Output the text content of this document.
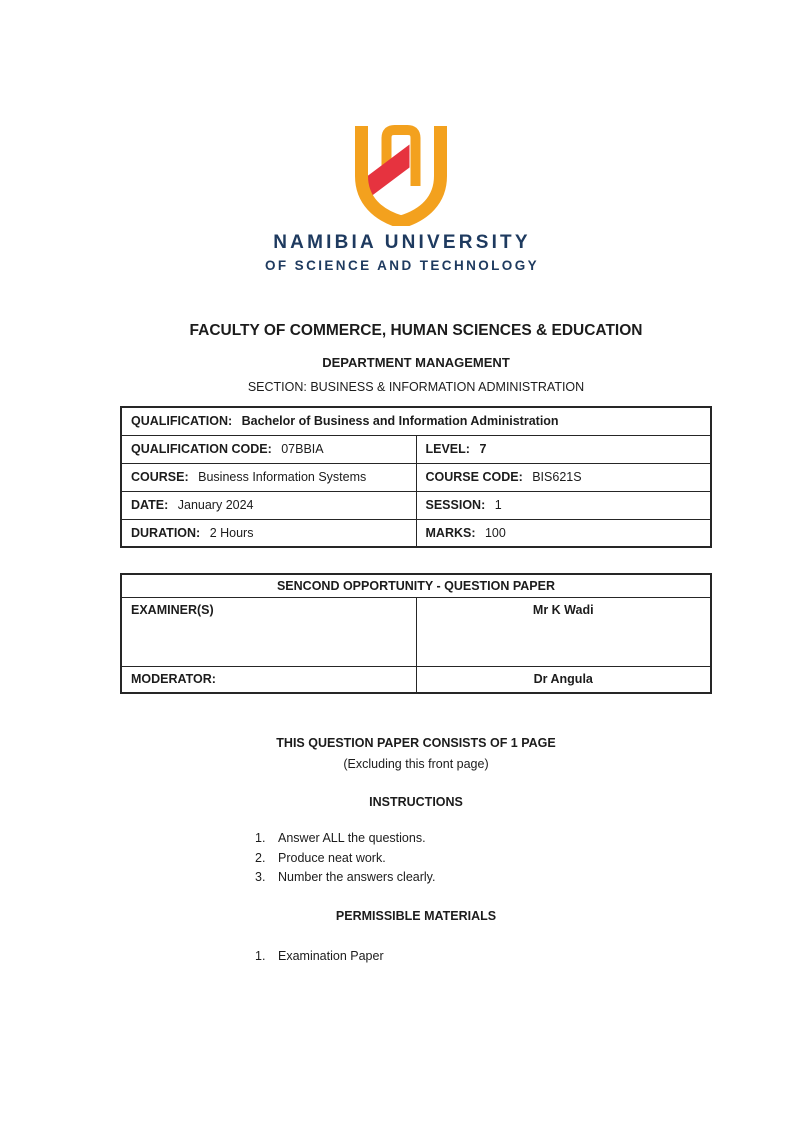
NAMIBIA UNIVERSITY
OF SCIENCE AND TECHNOLOGY
FACULTY OF COMMERCE, HUMAN SCIENCES & EDUCATION
DEPARTMENT MANAGEMENT
SECTION: BUSINESS & INFORMATION ADMINISTRATION
QUALIFICATION: Bachelor of Business and Information Administration	
QUALIFICATION CODE: 07BBIA	LEVEL: 7
COURSE: Business Information Systems	COURSE CODE: BIS621S
DATE: January 2024	SESSION: 1
DURATION: 2 Hours	MARKS: 100
SENCOND OPPORTUNITY - QUESTION PAPER	
EXAMINER(S)	Mr K Wadi
MODERATOR:	Dr Angula
THIS QUESTION PAPER CONSISTS OF 1 PAGE
(Excluding this front page)
INSTRUCTIONS
1. Answer ALL the questions.
2. Produce neat work.
3. Number the answers clearly.
PERMISSIBLE MATERIALS
1. Examination Paper
